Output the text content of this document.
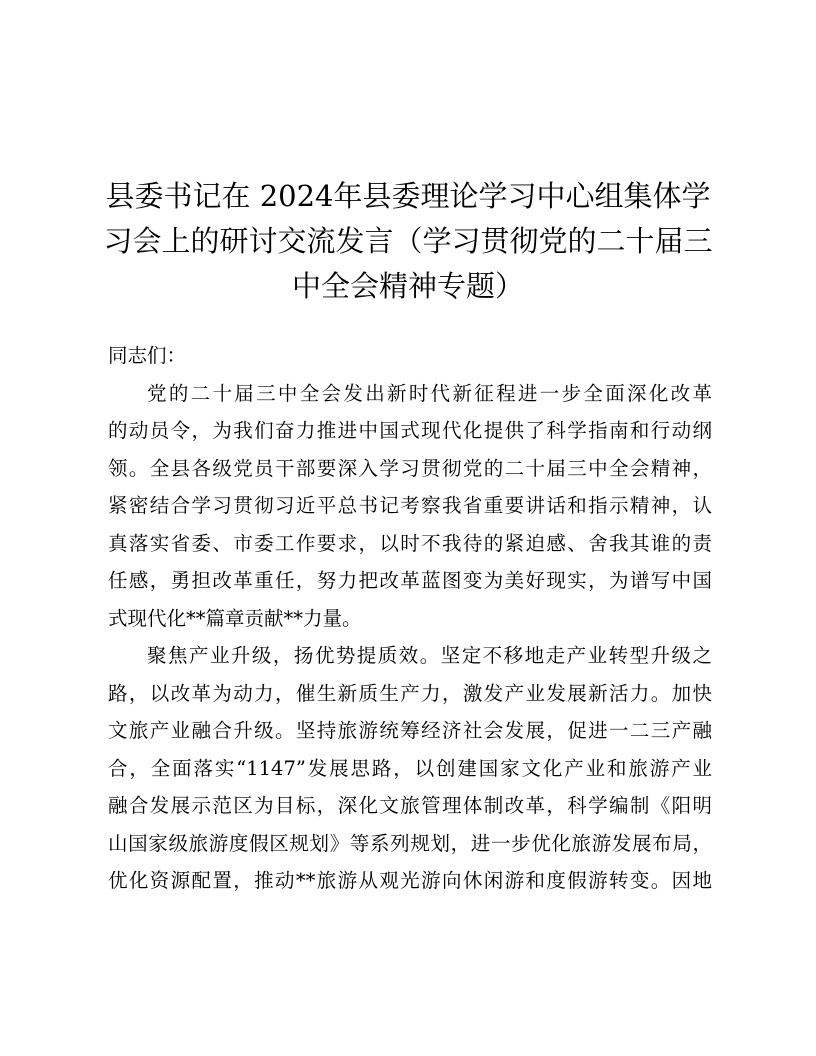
县委书记在 2024年县委理论学习中心组集体学
习会上的研讨交流发言（学习贯彻党的二十届三
中全会精神专题）
同志们：
党的二十届三中全会发出新时代新征程进一步全面深化改革
的动员令，为我们奋力推进中国式现代化提供了科学指南和行动纲
领。全县各级党员干部要深入学习贯彻党的二十届三中全会精神，
紧密结合学习贯彻习近平总书记考察我省重要讲话和指示精神，认
真落实省委、市委工作要求，以时不我待的紧迫感、舍我其谁的责
任感，勇担改革重任，努力把改革蓝图变为美好现实，为谱写中国
式现代化**篇章贡献**力量。
聚焦产业升级，扬优势提质效。坚定不移地走产业转型升级之
路，以改革为动力，催生新质生产力，激发产业发展新活力。加快
文旅产业融合升级。坚持旅游统筹经济社会发展，促进一二三产融
合，全面落实“1147”发展思路，以创建国家文化产业和旅游产业
融合发展示范区为目标，深化文旅管理体制改革，科学编制《阳明
山国家级旅游度假区规划》等系列规划，进一步优化旅游发展布局，
优化资源配置，推动**旅游从观光游向休闲游和度假游转变。因地
